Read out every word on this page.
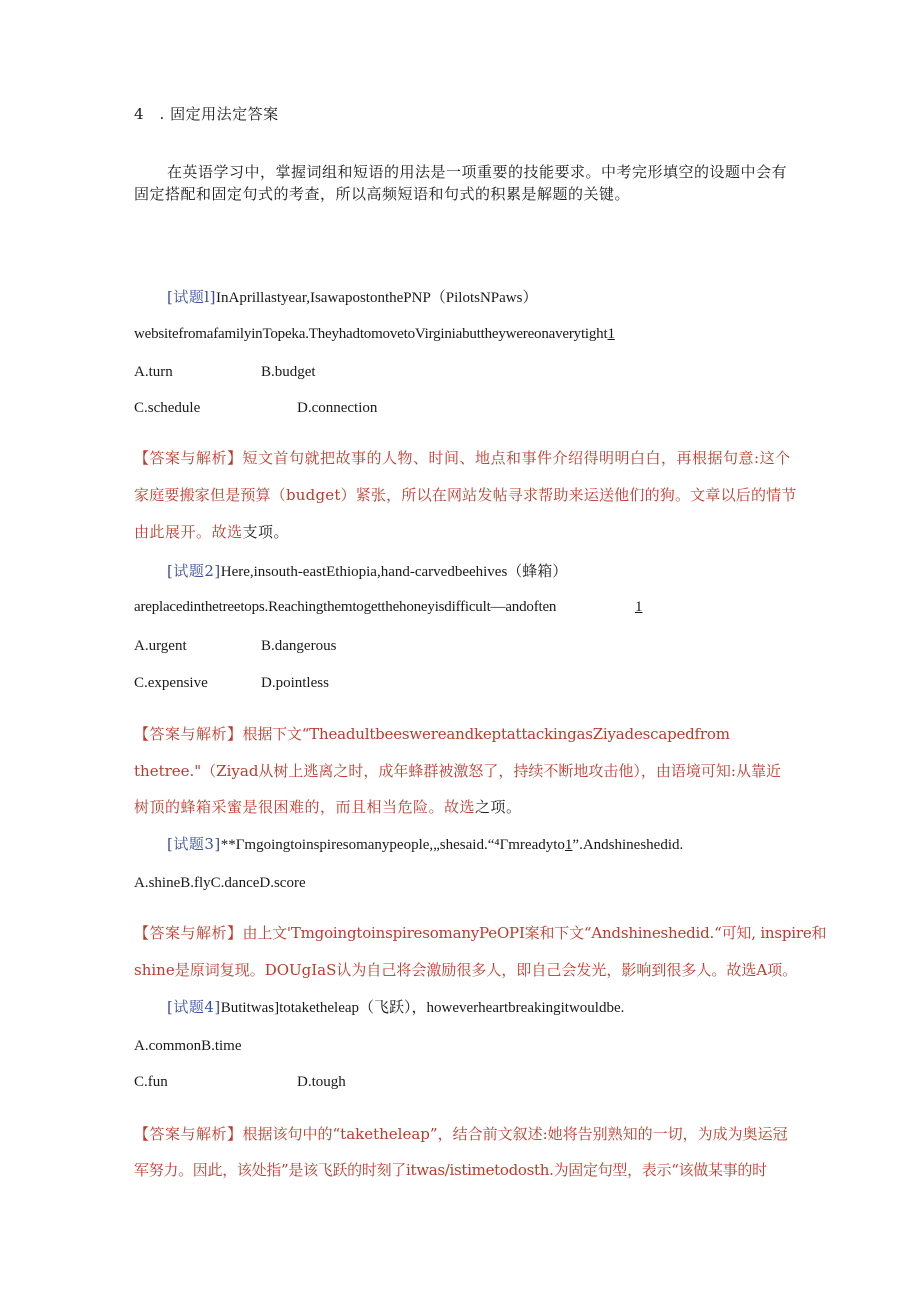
4　. 固定用法定答案
在英语学习中，掌握词组和短语的用法是一项重要的技能要求。中考完形填空的设题中会有
固定搭配和固定句式的考查，所以高频短语和句式的积累是解题的关键。
[试题l]InAprillastyear,IsawapostonthePNP（PilotsNPaws）
websitefromafamilyinTopeka.TheyhadtomovetoVirginiabuttheywereonaverytight1
A.turn	B.budget
C.schedule	D.connection
【答案与解析】短文首句就把故事的人物、时间、地点和事件介绍得明明白白，再根据句意:这个
家庭要搬家但是预算（budget）紧张，所以在网站发帖寻求帮助来运送他们的狗。文章以后的情节
由此展开。故选支项。
[试题2]Here,insouth-eastEthiopia,hand-carvedbeehives（蜂箱）
areplacedinthetreetops.Reachingthemtogetthehoneyisdifficult—andoften	1
A.urgent	B.dangerous
C.expensive	D.pointless
【答案与解析】根据下文“TheadultbeeswereandkeptattackingasZiyadescapedfrom
thetree."（Ziyad从树上逃离之时，成年蜂群被激怒了，持续不断地攻击他），由语境可知:从靠近
树顶的蜂箱采蜜是很困难的，而且相当危险。故选之项。
[试题3]**Γmgoingtoinspiresomanypeople,„shesaid.“⁴Γmreadyto1”.Andshineshedid.
A.shineB.flyC.danceD.score
【答案与解析】由上文'TmgoingtoinspiresomanyPeOPI案和下文“Andshineshedid.“可知, inspire和
shine是原词复现。DOUgIaS认为自己将会激励很多人，即自己会发光，影响到很多人。故选A项。
[试题4]Butitwas]totaketheleap（飞跃），howeverheartbreakingitwouldbe.
A.commonB.time
C.fun	D.tough
【答案与解析】根据该句中的“taketheleap”，结合前文叙述:她将告别熟知的一切，为成为奥运冠
军努力。因此，该处指”是该飞跃的时刻了itwas/istimetodosth.为固定句型，表示“该做某事的时
